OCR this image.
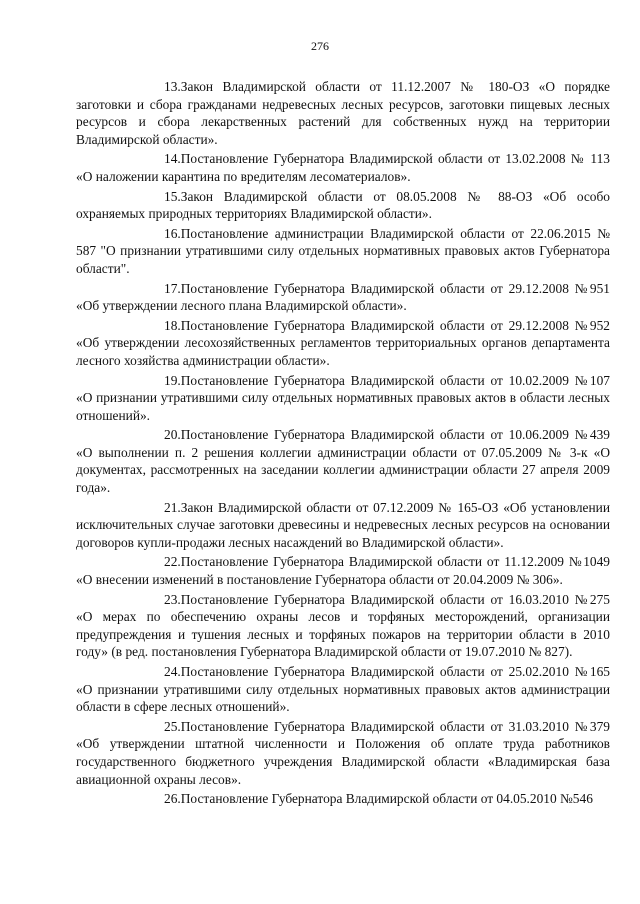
276

13.Закон Владимирской области от 11.12.2007 № 180-ОЗ «О порядке заготовки и сбора гражданами недревесных лесных ресурсов, заготовки пищевых лесных ресурсов и сбора лекарственных растений для собственных нужд на территории Владимирской области».

14.Постановление Губернатора Владимирской области от 13.02.2008 № 113 «О наложении карантина по вредителям лесоматериалов».

15.Закон Владимирской области от 08.05.2008 № 88-ОЗ «Об особо охраняемых природных территориях Владимирской области».

16.Постановление администрации Владимирской области от 22.06.2015 № 587 "О признании утратившими силу отдельных нормативных правовых актов Губернатора области".

17.Постановление Губернатора Владимирской области от 29.12.2008 №951 «Об утверждении лесного плана Владимирской области».

18.Постановление Губернатора Владимирской области от 29.12.2008 №952 «Об утверждении лесохозяйственных регламентов территориальных органов департамента лесного хозяйства администрации области».

19.Постановление Губернатора Владимирской области от 10.02.2009 №107 «О признании утратившими силу отдельных нормативных правовых актов в области лесных отношений».

20.Постановление Губернатора Владимирской области от 10.06.2009 №439 «О выполнении п. 2 решения коллегии администрации области от 07.05.2009 № 3-к «О документах, рассмотренных на заседании коллегии администрации области 27 апреля 2009 года».

21.Закон Владимирской области от 07.12.2009 № 165-ОЗ «Об установлении исключительных случае заготовки древесины и недревесных лесных ресурсов на основании договоров купли-продажи лесных насаждений во Владимирской области».

22.Постановление Губернатора Владимирской области от 11.12.2009 №1049 «О внесении изменений в постановление Губернатора области от 20.04.2009 № 306».

23.Постановление Губернатора Владимирской области от 16.03.2010 №275 «О мерах по обеспечению охраны лесов и торфяных месторождений, организации предупреждения и тушения лесных и торфяных пожаров на территории области в 2010 году» (в ред. постановления Губернатора Владимирской области от 19.07.2010 № 827).

24.Постановление Губернатора Владимирской области от 25.02.2010 №165 «О признании утратившими силу отдельных нормативных правовых актов администрации области в сфере лесных отношений».

25.Постановление Губернатора Владимирской области от 31.03.2010 №379 «Об утверждении штатной численности и Положения об оплате труда работников государственного бюджетного учреждения Владимирской области «Владимирская база авиационной охраны лесов».

26.Постановление Губернатора Владимирской области от 04.05.2010 №546
